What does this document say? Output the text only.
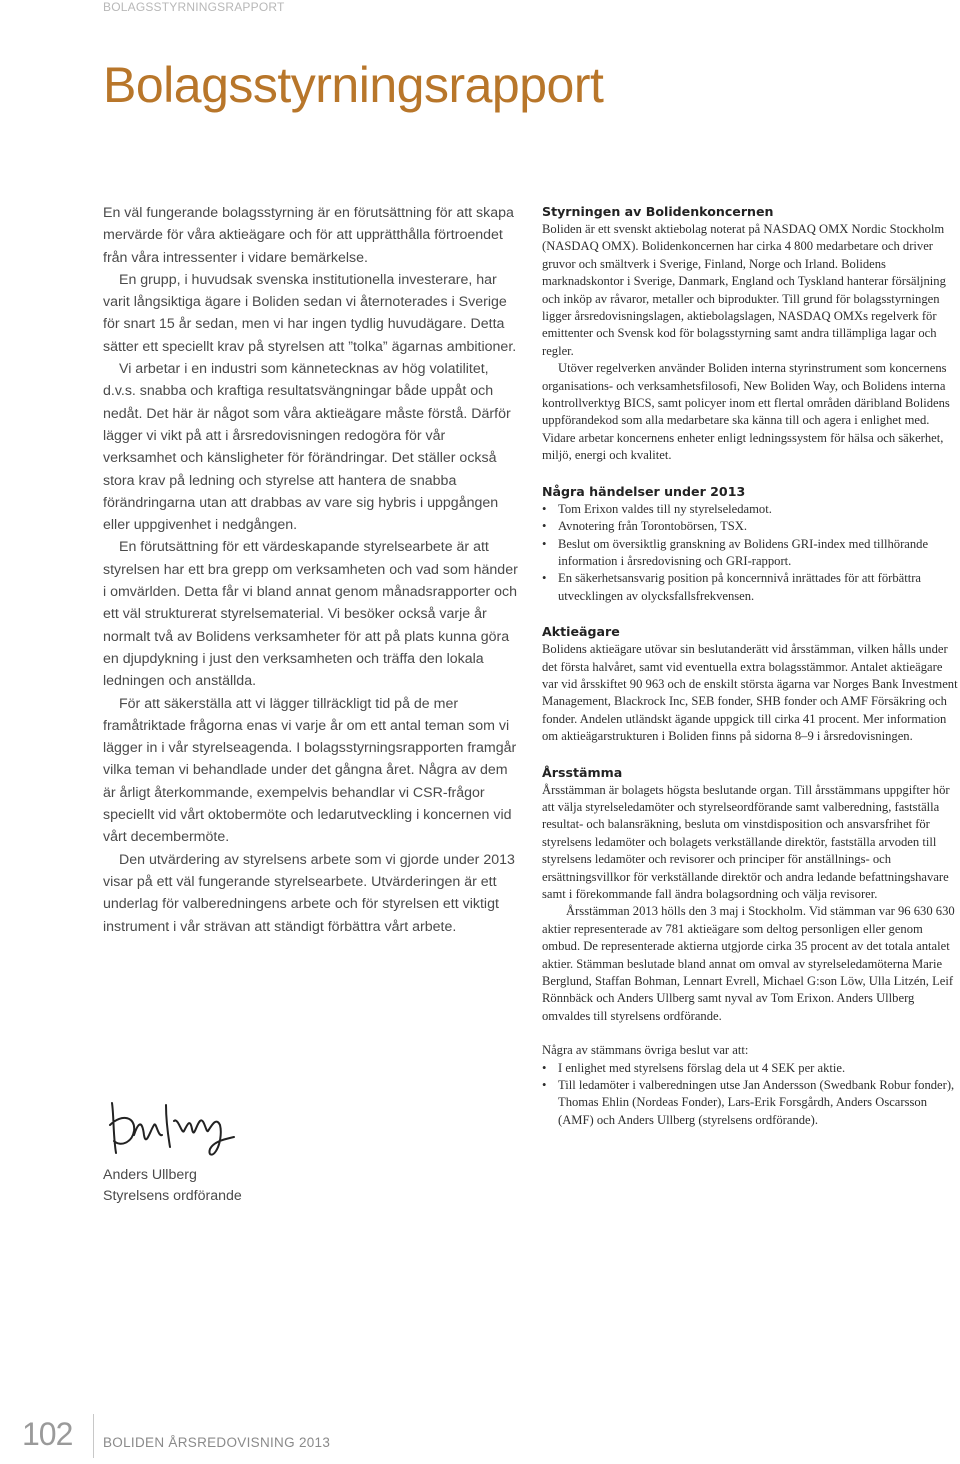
BOLAGSSTYRNINGSRAPPORT
Bolagsstyrningsrapport

En väl fungerande bolagsstyrning är en förutsättning för att skapa mervärde för våra aktieägare och för att upprätthålla förtroendet från våra intressenter i vidare bemärkelse.

En grupp, i huvudsak svenska institutionella investerare, har varit långsiktiga ägare i Boliden sedan vi åternoterades i Sverige för snart 15 år sedan, men vi har ingen tydlig huvudägare. Detta sätter ett speciellt krav på styrelsen att ”tolka” ägarnas ambitioner.

Vi arbetar i en industri som kännetecknas av hög volatilitet, d.v.s. snabba och kraftiga resultatsvängningar både uppåt och nedåt. Det här är något som våra aktieägare måste förstå. Därför lägger vi vikt på att i årsredovisningen redogöra för vår verksamhet och känsligheter för förändringar. Det ställer också stora krav på ledning och styrelse att hantera de snabba förändringarna utan att drabbas av vare sig hybris i uppgången eller uppgivenhet i nedgången.

En förutsättning för ett värdeskapande styrelsearbete är att styrelsen har ett bra grepp om verksamheten och vad som händer i omvärlden. Detta får vi bland annat genom månadsrapporter och ett väl strukturerat styrelsematerial. Vi besöker också varje år normalt två av Bolidens verksamheter för att på plats kunna göra en djupdykning i just den verksamheten och träffa den lokala ledningen och anställda.

För att säkerställa att vi lägger tillräckligt tid på de mer framåtriktade frågorna enas vi varje år om ett antal teman som vi lägger in i vår styrelseagenda. I bolagsstyrningsrapporten framgår vilka teman vi behandlade under det gångna året. Några av dem är årligt återkommande, exempelvis behandlar vi CSR-frågor speciellt vid vårt oktobermöte och ledarutveckling i koncernen vid vårt decembermöte.

Den utvärdering av styrelsens arbete som vi gjorde under 2013 visar på ett väl fungerande styrelsearbete. Utvärderingen är ett underlag för valberedningens arbete och för styrelsen ett viktigt instrument i vår strävan att ständigt förbättra vårt arbete.

Anders Ullberg
Styrelsens ordförande
Styrningen av Bolidenkoncernen

Boliden är ett svenskt aktiebolag noterat på NASDAQ OMX Nordic Stockholm (NASDAQ OMX). Bolidenkoncernen har cirka 4 800 medarbetare och driver gruvor och smältverk i Sverige, Finland, Norge och Irland. Bolidens marknadskontor i Sverige, Danmark, England och Tyskland hanterar försäljning och inköp av råvaror, metaller och biprodukter. Till grund för bolagsstyrningen ligger årsredovisningslagen, aktiebolagslagen, NASDAQ OMXs regelverk för emittenter och Svensk kod för bolagsstyrning samt andra tillämpliga lagar och regler.

Utöver regelverken använder Boliden interna styrinstrument som koncernens organisations- och verksamhetsfilosofi, New Boliden Way, och Bolidens interna kontrollverktyg BICS, samt policyer inom ett flertal områden däribland Bolidens uppförandekod som alla medarbetare ska känna till och agera i enlighet med. Vidare arbetar koncernens enheter enligt ledningssystem för hälsa och säkerhet, miljö, energi och kvalitet.

Några händelser under 2013
• Tom Erixon valdes till ny styrelseledamot.
• Avnotering från Torontobörsen, TSX.
• Beslut om översiktlig granskning av Bolidens GRI-index med tillhörande information i årsredovisning och GRI-rapport.
• En säkerhetsansvarig position på koncernnivå inrättades för att förbättra utvecklingen av olycksfallsfrekvensen.
Aktieägare

Bolidens aktieägare utövar sin beslutanderätt vid årsstämman, vilken hålls under det första halvåret, samt vid eventuella extra bolagsstämmor. Antalet aktieägare var vid årsskiftet 90 963 och de enskilt största ägarna var Norges Bank Investment Management, Blackrock Inc, SEB fonder, SHB fonder och AMF Försäkring och fonder. Andelen utländskt ägande uppgick till cirka 41 procent. Mer information om aktieägarstrukturen i Boliden finns på sidorna 8–9 i årsredovisningen.

Årsstämma

Årsstämman är bolagets högsta beslutande organ. Till årsstämmans uppgifter hör att välja styrelseledamöter och styrelseordförande samt valberedning, fastställa resultat- och balansräkning, besluta om vinstdisposition och ansvarsfrihet för styrelsens ledamöter och bolagets verkställande direktör, fastställa arvoden till styrelsens ledamöter och revisorer och principer för anställnings- och ersättningsvillkor för verkställande direktör och andra ledande befattningshavare samt i förekommande fall ändra bolagsordning och välja revisorer.

Årsstämman 2013 hölls den 3 maj i Stockholm. Vid stämman var 96 630 630 aktier representerade av 781 aktieägare som deltog personligen eller genom ombud. De representerade aktierna utgjorde cirka 35 procent av det totala antalet aktier. Stämman beslutade bland annat om omval av styrelseledamöterna Marie Berglund, Staffan Bohman, Lennart Evrell, Michael G:son Löw, Ulla Litzén, Leif Rönnbäck och Anders Ullberg samt nyval av Tom Erixon. Anders Ullberg omvaldes till styrelsens ordförande.

Några av stämmans övriga beslut var att:

• I enlighet med styrelsens förslag dela ut 4 SEK per aktie.
• Till ledamöter i valberedningen utse Jan Andersson (Swedbank Robur fonder), Thomas Ehlin (Nordeas Fonder), Lars-Erik Forsgårdh, Anders Oscarsson (AMF) och Anders Ullberg (styrelsens ordförande).
102 BOLIDEN ÅRSREDOVISNING 2013
